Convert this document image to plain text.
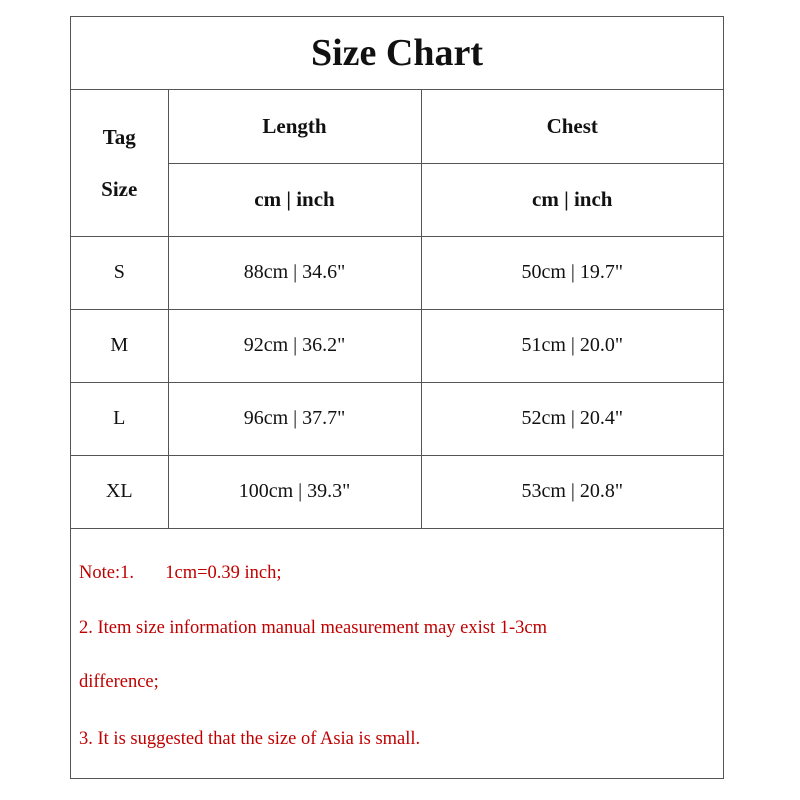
Size Chart
Tag
Size	Length	Chest
	cm | inch	cm | inch
S	88cm | 34.6"	50cm | 19.7"
M	92cm | 36.2"	51cm | 20.0"
L	96cm | 37.7"	52cm | 20.4"
XL	100cm | 39.3"	53cm | 20.8"
Note:1. 1cm=0.39 inch;
2. Item size information manual measurement may exist 1-3cm
difference;
3. It is suggested that the size of Asia is small.
